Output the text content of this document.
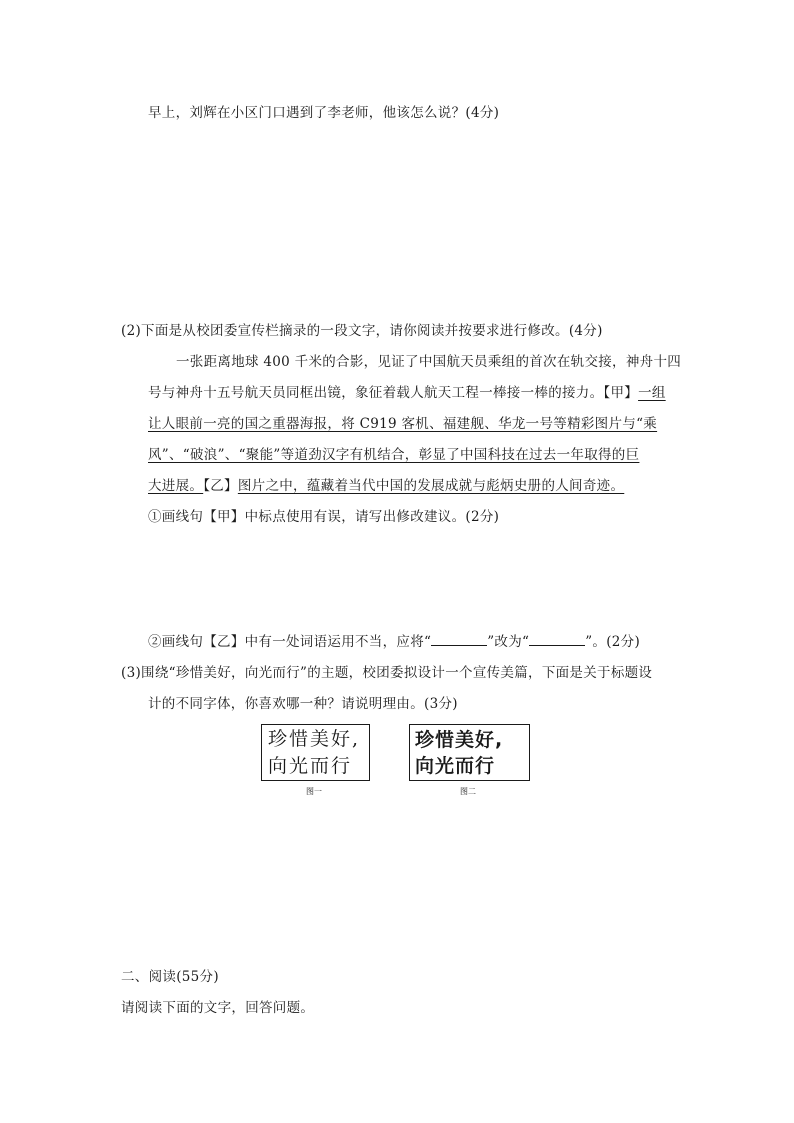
早上，刘辉在小区门口遇到了李老师，他该怎么说？(4分)
(2)下面是从校团委宣传栏摘录的一段文字，请你阅读并按要求进行修改。(4分)
一张距离地球 400 千米的合影，见证了中国航天员乘组的首次在轨交接，神舟十四
号与神舟十五号航天员同框出镜，象征着载人航天工程一棒接一棒的接力。【甲】一组
让人眼前一亮的国之重器海报，将 C919 客机、福建舰、华龙一号等精彩图片与“乘
风”、“破浪”、“聚能”等道劲汉字有机结合，彰显了中国科技在过去一年取得的巨
大进展。【乙】图片之中，蕴藏着当代中国的发展成就与彪炳史册的人间奇迹。
①画线句【甲】中标点使用有误，请写出修改建议。(2分)
②画线句【乙】中有一处词语运用不当，应将“	”改为“	”。(2分)
(3)围绕“珍惜美好，向光而行”的主题，校团委拟设计一个宣传美篇，下面是关于标题设
计的不同字体，你喜欢哪一种？请说明理由。(3分)
珍惜美好,
向光而行
图一
珍惜美好,
向光而行
图二
二、阅读(55分)
请阅读下面的文字，回答问题。
